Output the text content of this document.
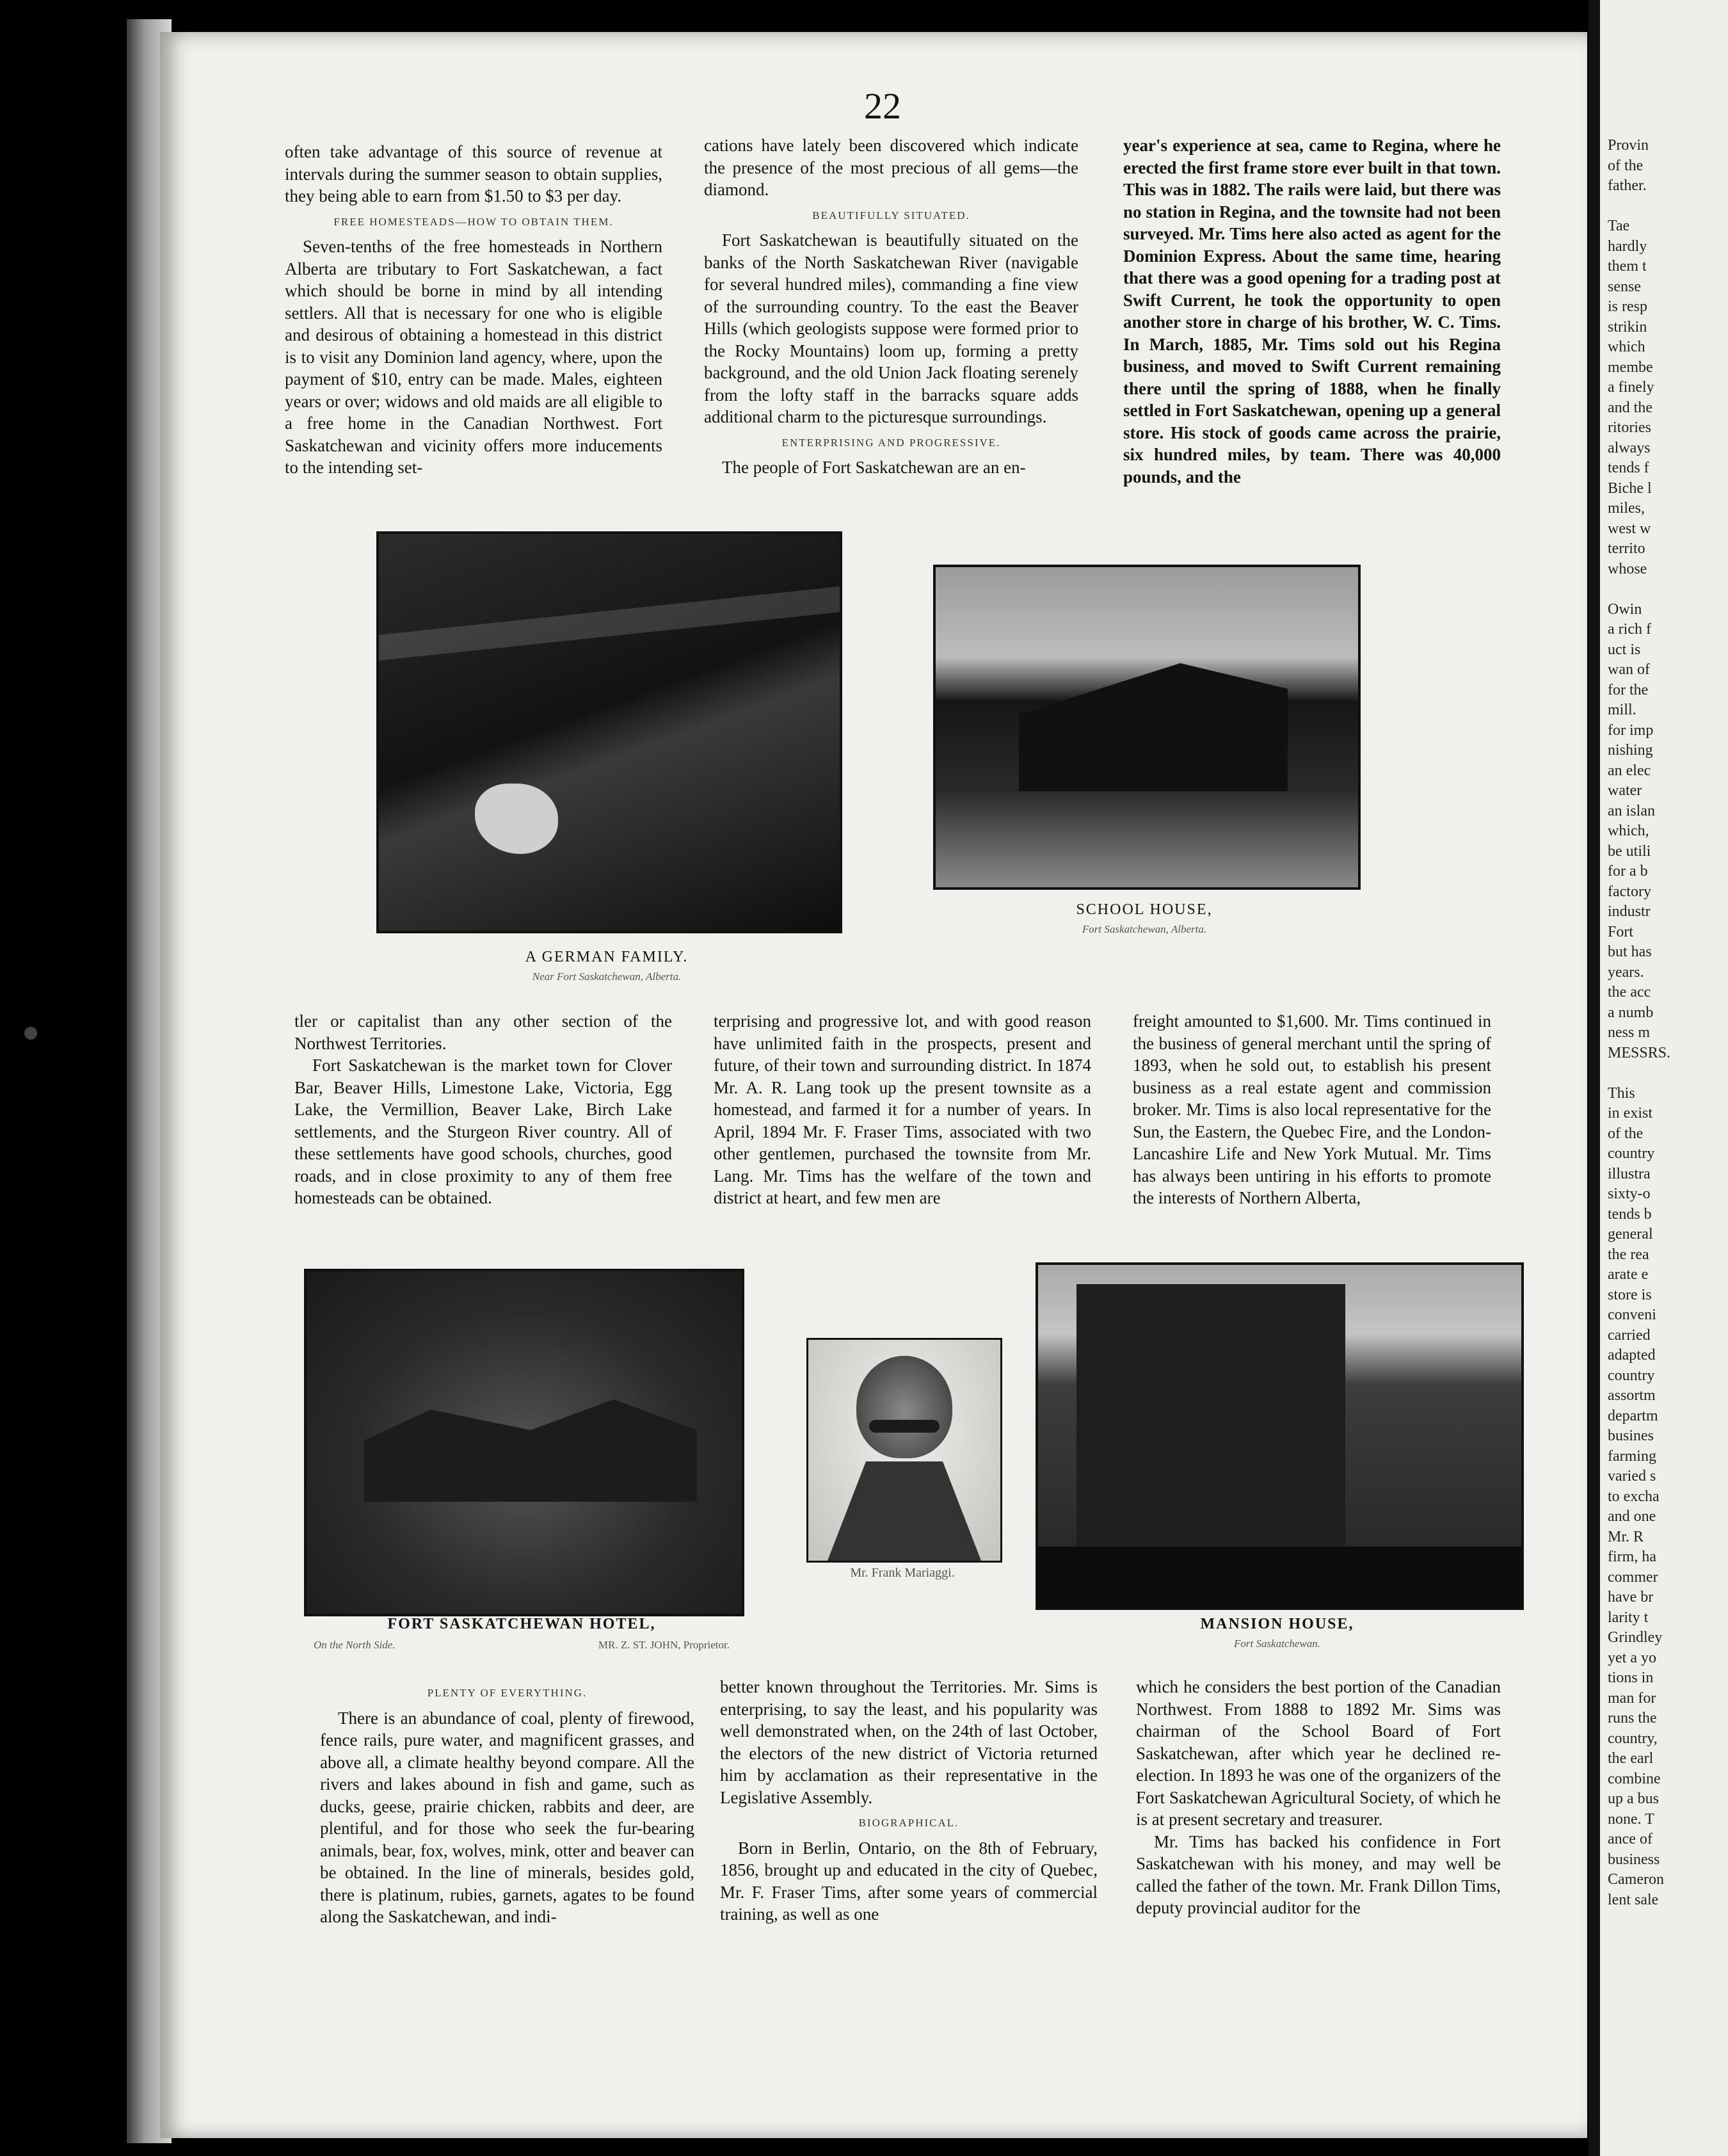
22

often take advantage of this source of revenue at intervals during the summer season to obtain supplies, they being able to earn from $1.50 to $3 per day.

FREE HOMESTEADS—HOW TO OBTAIN THEM.

Seven-tenths of the free homesteads in Northern Alberta are tributary to Fort Saskatchewan, a fact which should be borne in mind by all intending settlers. All that is necessary for one who is eligible and desirous of obtaining a homestead in this district is to visit any Dominion land agency, where, upon the payment of $10, entry can be made. Males, eighteen years or over; widows and old maids are all eligible to a free home in the Canadian Northwest. Fort Saskatchewan and vicinity offers more inducements to the intending set-

cations have lately been discovered which indicate the presence of the most precious of all gems—the diamond.

BEAUTIFULLY SITUATED.

Fort Saskatchewan is beautifully situated on the banks of the North Saskatchewan River (navigable for several hundred miles), commanding a fine view of the surrounding country. To the east the Beaver Hills (which geologists suppose were formed prior to the Rocky Mountains) loom up, forming a pretty background, and the old Union Jack floating serenely from the lofty staff in the barracks square adds additional charm to the picturesque surroundings.

ENTERPRISING AND PROGRESSIVE.

The people of Fort Saskatchewan are an en-

year's experience at sea, came to Regina, where he erected the first frame store ever built in that town. This was in 1882. The rails were laid, but there was no station in Regina, and the townsite had not been surveyed. Mr. Tims here also acted as agent for the Dominion Express. About the same time, hearing that there was a good opening for a trading post at Swift Current, he took the opportunity to open another store in charge of his brother, W. C. Tims. In March, 1885, Mr. Tims sold out his Regina business, and moved to Swift Current remaining there until the spring of 1888, when he finally settled in Fort Saskatchewan, opening up a general store. His stock of goods came across the prairie, six hundred miles, by team. There was 40,000 pounds, and the

A GERMAN FAMILY.
Near Fort Saskatchewan, Alberta.
SCHOOL HOUSE,
Fort Saskatchewan, Alberta.

tler or capitalist than any other section of the Northwest Territories.

Fort Saskatchewan is the market town for Clover Bar, Beaver Hills, Limestone Lake, Victoria, Egg Lake, the Vermillion, Beaver Lake, Birch Lake settlements, and the Sturgeon River country. All of these settlements have good schools, churches, good roads, and in close proximity to any of them free homesteads can be obtained.

terprising and progressive lot, and with good reason have unlimited faith in the prospects, present and future, of their town and surrounding district. In 1874 Mr. A. R. Lang took up the present townsite as a homestead, and farmed it for a number of years. In April, 1894 Mr. F. Fraser Tims, associated with two other gentlemen, purchased the townsite from Mr. Lang. Mr. Tims has the welfare of the town and district at heart, and few men are

freight amounted to $1,600. Mr. Tims continued in the business of general merchant until the spring of 1893, when he sold out, to establish his present business as a real estate agent and commission broker. Mr. Tims is also local representative for the Sun, the Eastern, the Quebec Fire, and the London-Lancashire Life and New York Mutual. Mr. Tims has always been untiring in his efforts to promote the interests of Northern Alberta,

FORT SASKATCHEWAN HOTEL,
On the North Side.	MR. Z. ST. JOHN, Proprietor.
Mr. Frank Mariaggi.
MANSION HOUSE,
Fort Saskatchewan.
PLENTY OF EVERYTHING.

There is an abundance of coal, plenty of firewood, fence rails, pure water, and magnificent grasses, and above all, a climate healthy beyond compare. All the rivers and lakes abound in fish and game, such as ducks, geese, prairie chicken, rabbits and deer, are plentiful, and for those who seek the fur-bearing animals, bear, fox, wolves, mink, otter and beaver can be obtained. In the line of minerals, besides gold, there is platinum, rubies, garnets, agates to be found along the Saskatchewan, and indi-

better known throughout the Territories. Mr. Sims is enterprising, to say the least, and his popularity was well demonstrated when, on the 24th of last October, the electors of the new district of Victoria returned him by acclamation as their representative in the Legislative Assembly.

BIOGRAPHICAL.

Born in Berlin, Ontario, on the 8th of February, 1856, brought up and educated in the city of Quebec, Mr. F. Fraser Tims, after some years of commercial training, as well as one

which he considers the best portion of the Canadian Northwest. From 1888 to 1892 Mr. Sims was chairman of the School Board of Fort Saskatchewan, after which year he declined re-election. In 1893 he was one of the organizers of the Fort Saskatchewan Agricultural Society, of which he is at present secretary and treasurer.

Mr. Tims has backed his confidence in Fort Saskatchewan with his money, and may well be called the father of the town. Mr. Frank Dillon Tims, deputy provincial auditor for the

Provin
of the
father.
Tae
hardly
them t
sense
is resp
strikin
which
membe
a finely
and the
ritories
always
tends f
Biche l
miles,
west w
territo
whose
Owin
a rich f
uct is
wan of
for the
mill.
for imp
nishing
an elec
water
an islan
which,
be utili
for a b
factory
industr
Fort
but has
years.
the acc
a numb
ness m
MESSRS.
This
in exist
of the
country
illustra
sixty-o
tends b
general
the rea
arate e
store is
conveni
carried
adapted
country
assortm
departm
busines
farming
varied s
to excha
and one
Mr. R
firm, ha
commer
have br
larity t
Grindley
yet a yo
tions in
man for
runs the
country,
the earl
combine
up a bus
none. T
ance of
business
Cameron
lent sale
